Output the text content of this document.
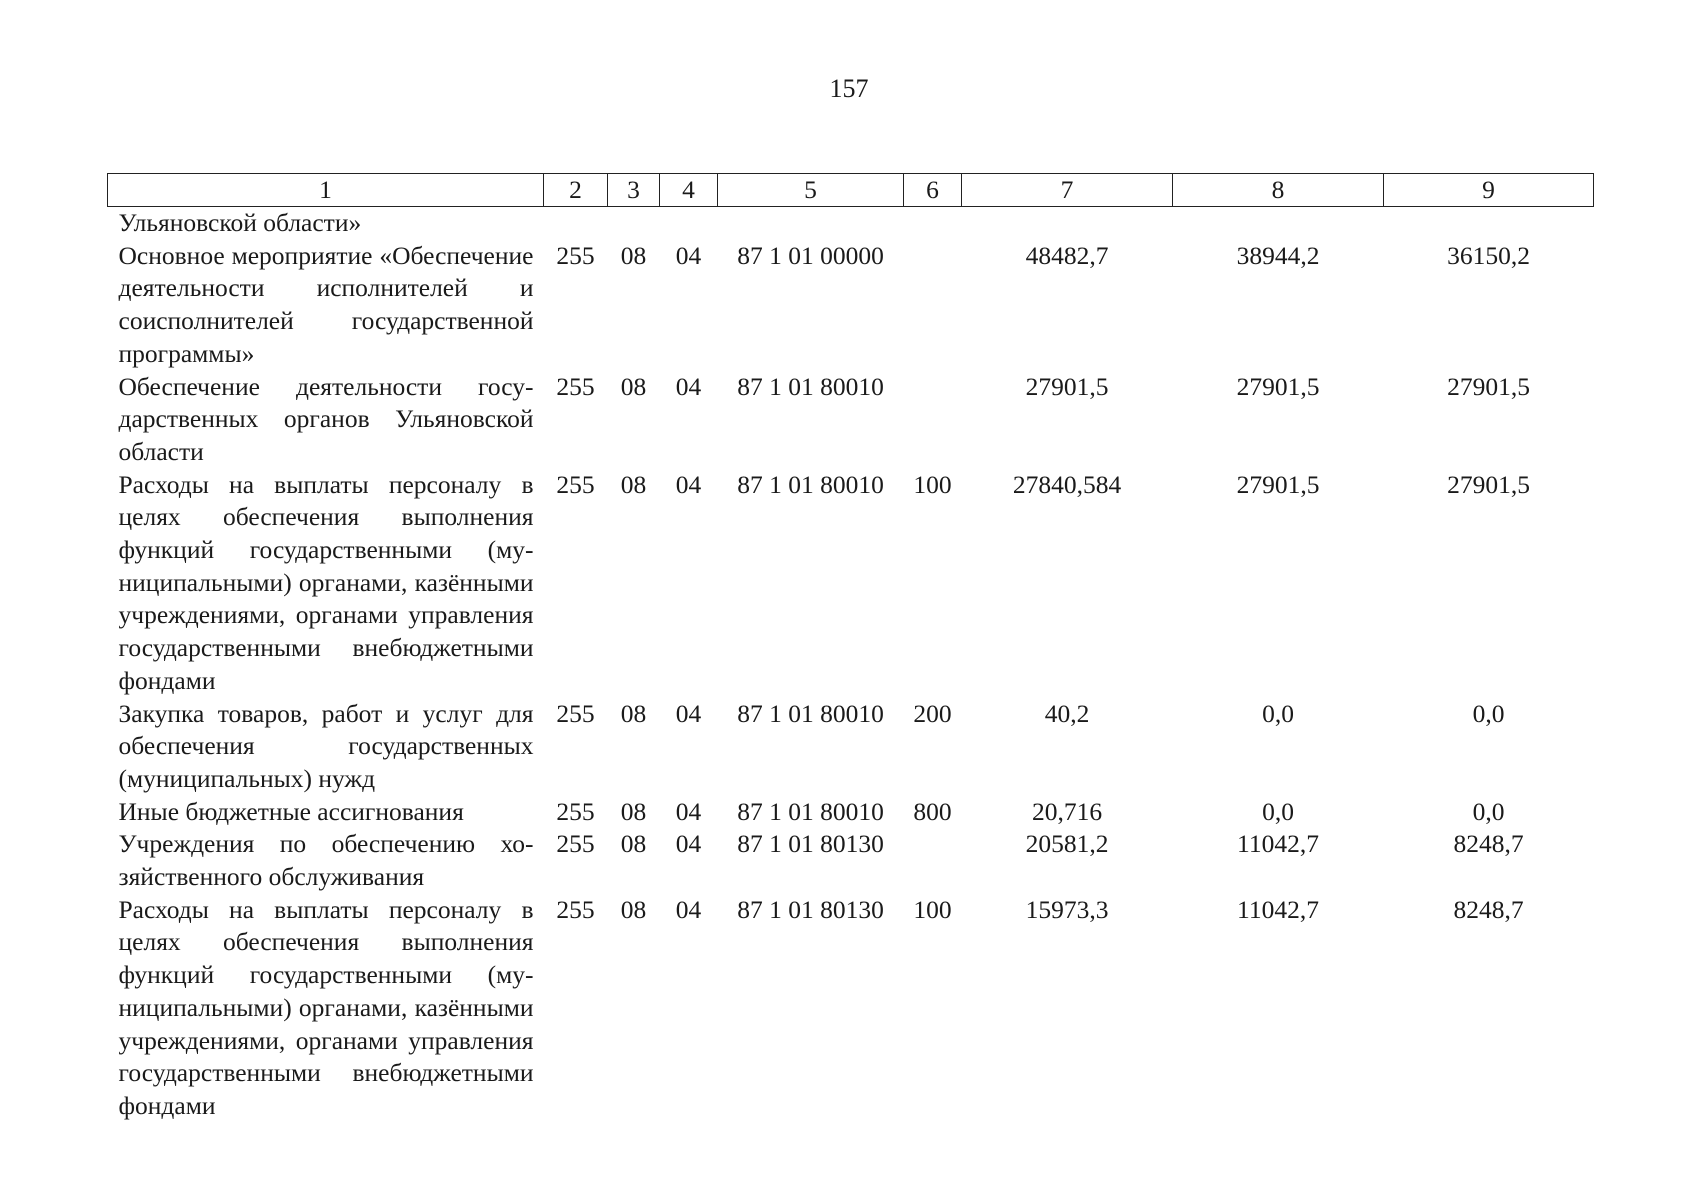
157
1	2	3	4	5	6	7	8	9
Ульяновской области»								
Основное мероприятие «Обеспечение деятельности исполнителей и соисполнителей государственной программы»	255	08	04	87 1 01 00000		48482,7	38944,2	36150,2
Обеспечение деятельности государственных органов Ульяновской области	255	08	04	87 1 01 80010		27901,5	27901,5	27901,5
Расходы на выплаты персоналу в целях обеспечения выполнения функций государственными (муниципальными) органами, казёнными учреждениями, органами управления государственными внебюджетными фондами	255	08	04	87 1 01 80010	100	27840,584	27901,5	27901,5
Закупка товаров, работ и услуг для обеспечения государственных (муниципальных) нужд	255	08	04	87 1 01 80010	200	40,2	0,0	0,0
Иные бюджетные ассигнования	255	08	04	87 1 01 80010	800	20,716	0,0	0,0
Учреждения по обеспечению хозяйственного обслуживания	255	08	04	87 1 01 80130		20581,2	11042,7	8248,7
Расходы на выплаты персоналу в целях обеспечения выполнения функций государственными (муниципальными) органами, казёнными учреждениями, органами управления государственными внебюджетными фондами	255	08	04	87 1 01 80130	100	15973,3	11042,7	8248,7
